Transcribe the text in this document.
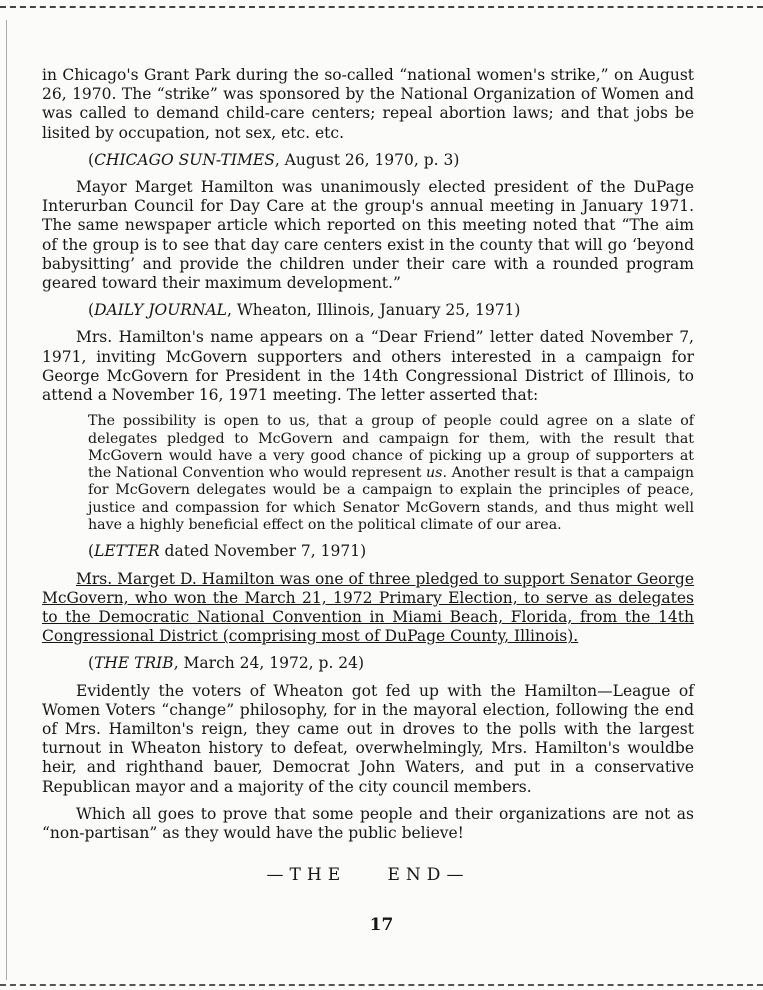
in Chicago's Grant Park during the so-called “national women's strike,” on August 26, 1970. The “strike” was sponsored by the National Organization of Women and was called to demand child-care centers; repeal abortion laws; and that jobs be lisited by occupation, not sex, etc. etc.

(CHICAGO SUN-TIMES, August 26, 1970, p. 3)

Mayor Marget Hamilton was unanimously elected president of the DuPage Interurban Council for Day Care at the group's annual meeting in January 1971. The same newspaper article which reported on this meeting noted that “The aim of the group is to see that day care centers exist in the county that will go ‘beyond babysitting’ and provide the children under their care with a rounded program geared toward their maximum development.”

(DAILY JOURNAL, Wheaton, Illinois, January 25, 1971)

Mrs. Hamilton's name appears on a “Dear Friend” letter dated November 7, 1971, inviting McGovern supporters and others interested in a campaign for George McGovern for President in the 14th Congressional District of Illinois, to attend a November 16, 1971 meeting. The letter asserted that:

The possibility is open to us, that a group of people could agree on a slate of delegates pledged to McGovern and campaign for them, with the result that McGovern would have a very good chance of picking up a group of supporters at the National Convention who would represent us. Another result is that a campaign for McGovern delegates would be a campaign to explain the principles of peace, justice and compassion for which Senator McGovern stands, and thus might well have a highly beneficial effect on the political climate of our area.

(LETTER dated November 7, 1971)

Mrs. Marget D. Hamilton was one of three pledged to support Senator George McGovern, who won the March 21, 1972 Primary Election, to serve as delegates to the Democratic National Convention in Miami Beach, Florida, from the 14th Congressional District (comprising most of DuPage County, Illinois).

(THE TRIB, March 24, 1972, p. 24)

Evidently the voters of Wheaton got fed up with the Hamilton—League of Women Voters “change” philosophy, for in the mayoral election, following the end of Mrs. Hamilton's reign, they came out in droves to the polls with the largest turnout in Wheaton history to defeat, overwhelmingly, Mrs. Hamilton's wouldbe heir, and righthand bauer, Democrat John Waters, and put in a conservative Republican mayor and a majority of the city council members.

Which all goes to prove that some people and their organizations are not as “non-partisan” as they would have the public believe!

—THE END—
17
